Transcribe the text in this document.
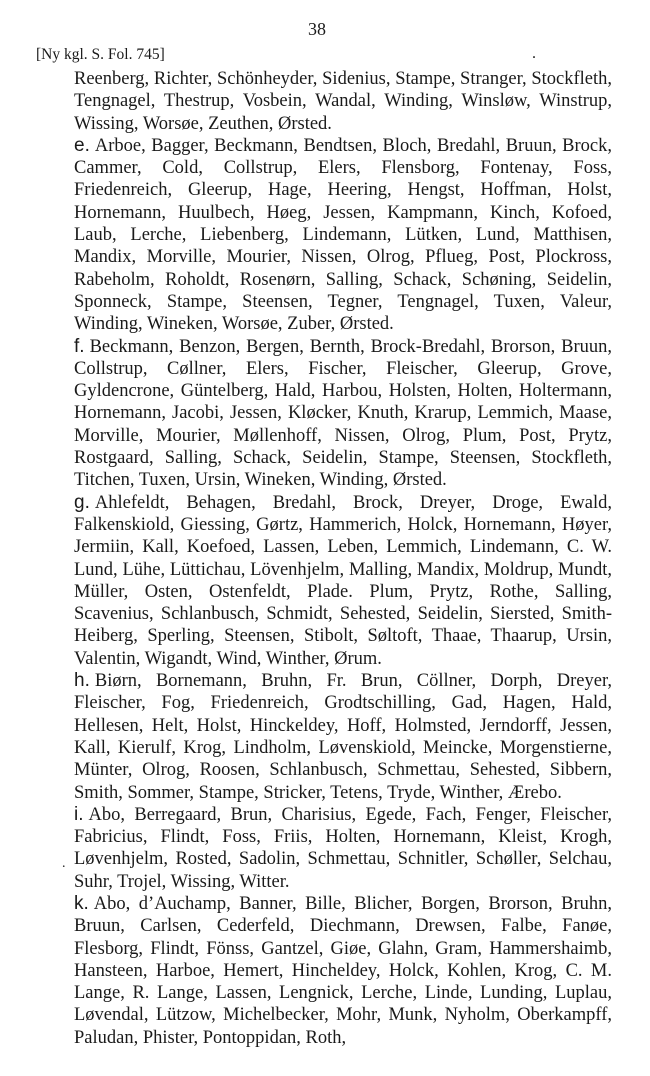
38
[Ny kgl. S. Fol. 745]	.
.
Reenberg, Richter, Schönheyder, Sidenius, Stampe, Stranger, Stockfleth, Tengnagel, Thestrup, Vosbein, Wandal, Winding, Winsløw, Winstrup, Wissing, Worsøe, Zeuthen, Ørsted.
e. Arboe, Bagger, Beckmann, Bendtsen, Bloch, Bredahl, Bruun, Brock, Cammer, Cold, Collstrup, Elers, Flensborg, Fontenay, Foss, Friedenreich, Gleerup, Hage, Heering, Hengst, Hoffman, Holst, Hornemann, Huulbech, Høeg, Jessen, Kampmann, Kinch, Kofoed, Laub, Lerche, Liebenberg, Lindemann, Lütken, Lund, Matthisen, Mandix, Morville, Mourier, Nissen, Olrog, Pflueg, Post, Plockross, Rabeholm, Roholdt, Rosenørn, Salling, Schack, Schøning, Seidelin, Sponneck, Stampe, Steensen, Tegner, Tengnagel, Tuxen, Valeur, Winding, Wineken, Worsøe, Zuber, Ørsted.
f. Beckmann, Benzon, Bergen, Bernth, Brock-Bredahl, Brorson, Bruun, Collstrup, Cøllner, Elers, Fischer, Fleischer, Gleerup, Grove, Gyldencrone, Güntelberg, Hald, Harbou, Holsten, Holten, Holtermann, Hornemann, Jacobi, Jessen, Kløcker, Knuth, Krarup, Lemmich, Maase, Morville, Mourier, Møllenhoff, Nissen, Olrog, Plum, Post, Prytz, Rostgaard, Salling, Schack, Seidelin, Stampe, Steensen, Stockfleth, Titchen, Tuxen, Ursin, Wineken, Winding, Ørsted.
g. Ahlefeldt, Behagen, Bredahl, Brock, Dreyer, Droge, Ewald, Falkenskiold, Giessing, Gørtz, Hammerich, Holck, Hornemann, Høyer, Jermiin, Kall, Koefoed, Lassen, Leben, Lemmich, Lindemann, C. W. Lund, Lühe, Lüttichau, Lövenhjelm, Malling, Mandix, Moldrup, Mundt, Müller, Osten, Ostenfeldt, Plade. Plum, Prytz, Rothe, Salling, Scavenius, Schlanbusch, Schmidt, Sehested, Seidelin, Siersted, Smith-Heiberg, Sperling, Steensen, Stibolt, Søltoft, Thaae, Thaarup, Ursin, Valentin, Wigandt, Wind, Winther, Ørum.
h. Biørn, Bornemann, Bruhn, Fr. Brun, Cöllner, Dorph, Dreyer, Fleischer, Fog, Friedenreich, Grodtschilling, Gad, Hagen, Hald, Hellesen, Helt, Holst, Hinckeldey, Hoff, Holmsted, Jerndorff, Jessen, Kall, Kierulf, Krog, Lindholm, Løvenskiold, Meincke, Morgenstierne, Münter, Olrog, Roosen, Schlanbusch, Schmettau, Sehested, Sibbern, Smith, Sommer, Stampe, Stricker, Tetens, Tryde, Winther, Ærebo.
i. Abo, Berregaard, Brun, Charisius, Egede, Fach, Fenger, Fleischer, Fabricius, Flindt, Foss, Friis, Holten, Hornemann, Kleist, Krogh, Løvenhjelm, Rosted, Sadolin, Schmettau, Schnitler, Schøller, Selchau, Suhr, Trojel, Wissing, Witter.
k. Abo, d’Auchamp, Banner, Bille, Blicher, Borgen, Brorson, Bruhn, Bruun, Carlsen, Cederfeld, Diechmann, Drewsen, Falbe, Fanøe, Flesborg, Flindt, Fönss, Gantzel, Giøe, Glahn, Gram, Hammershaimb, Hansteen, Harboe, Hemert, Hincheldey, Holck, Kohlen, Krog, C. M. Lange, R. Lange, Lassen, Lengnick, Lerche, Linde, Lunding, Luplau, Løvendal, Lützow, Michelbecker, Mohr, Munk, Nyholm, Oberkampff, Paludan, Phister, Pontoppidan, Roth,
